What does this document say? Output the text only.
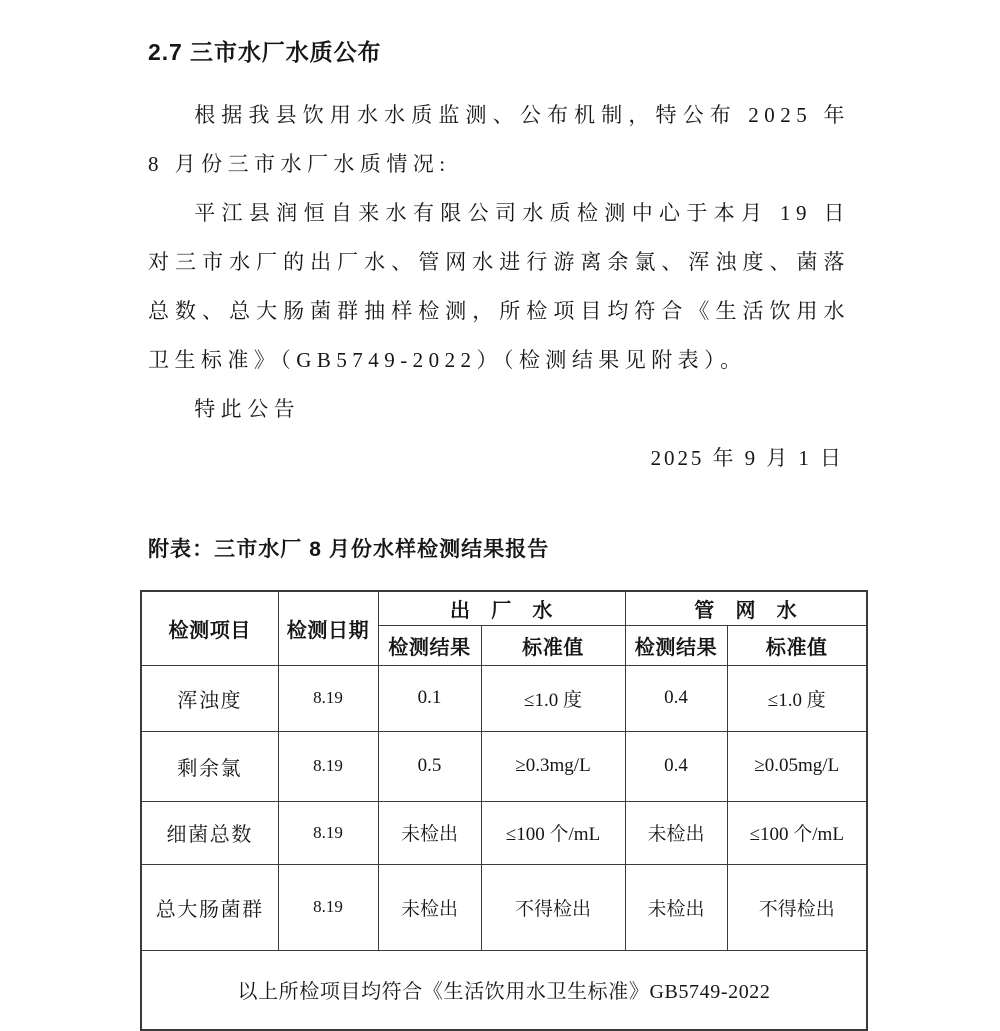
2.7 三市水厂水质公布

根据我县饮用水水质监测、公布机制，特公布 2025 年 8 月份三市水厂水质情况:

平江县润恒自来水有限公司水质检测中心于本月 19 日对三市水厂的出厂水、管网水进行游离余氯、浑浊度、菌落总数、总大肠菌群抽样检测，所检项目均符合《生活饮用水卫生标准》（GB5749-2022）（检测结果见附表）。

特此公告

2025 年 9 月 1 日

附表：三市水厂 8 月份水样检测结果报告
检测项目	检测日期	出　厂　水		管　网　水	
		检测结果	标准值	检测结果	标准值
浑浊度	8.19	0.1	≤1.0 度	0.4	≤1.0 度
剩余氯	8.19	0.5	≥0.3mg/L	0.4	≥0.05mg/L
细菌总数	8.19	未检出	≤100 个/mL	未检出	≤100 个/mL
总大肠菌群	8.19	未检出	不得检出	未检出	不得检出
以上所检项目均符合《生活饮用水卫生标准》GB5749-2022					
